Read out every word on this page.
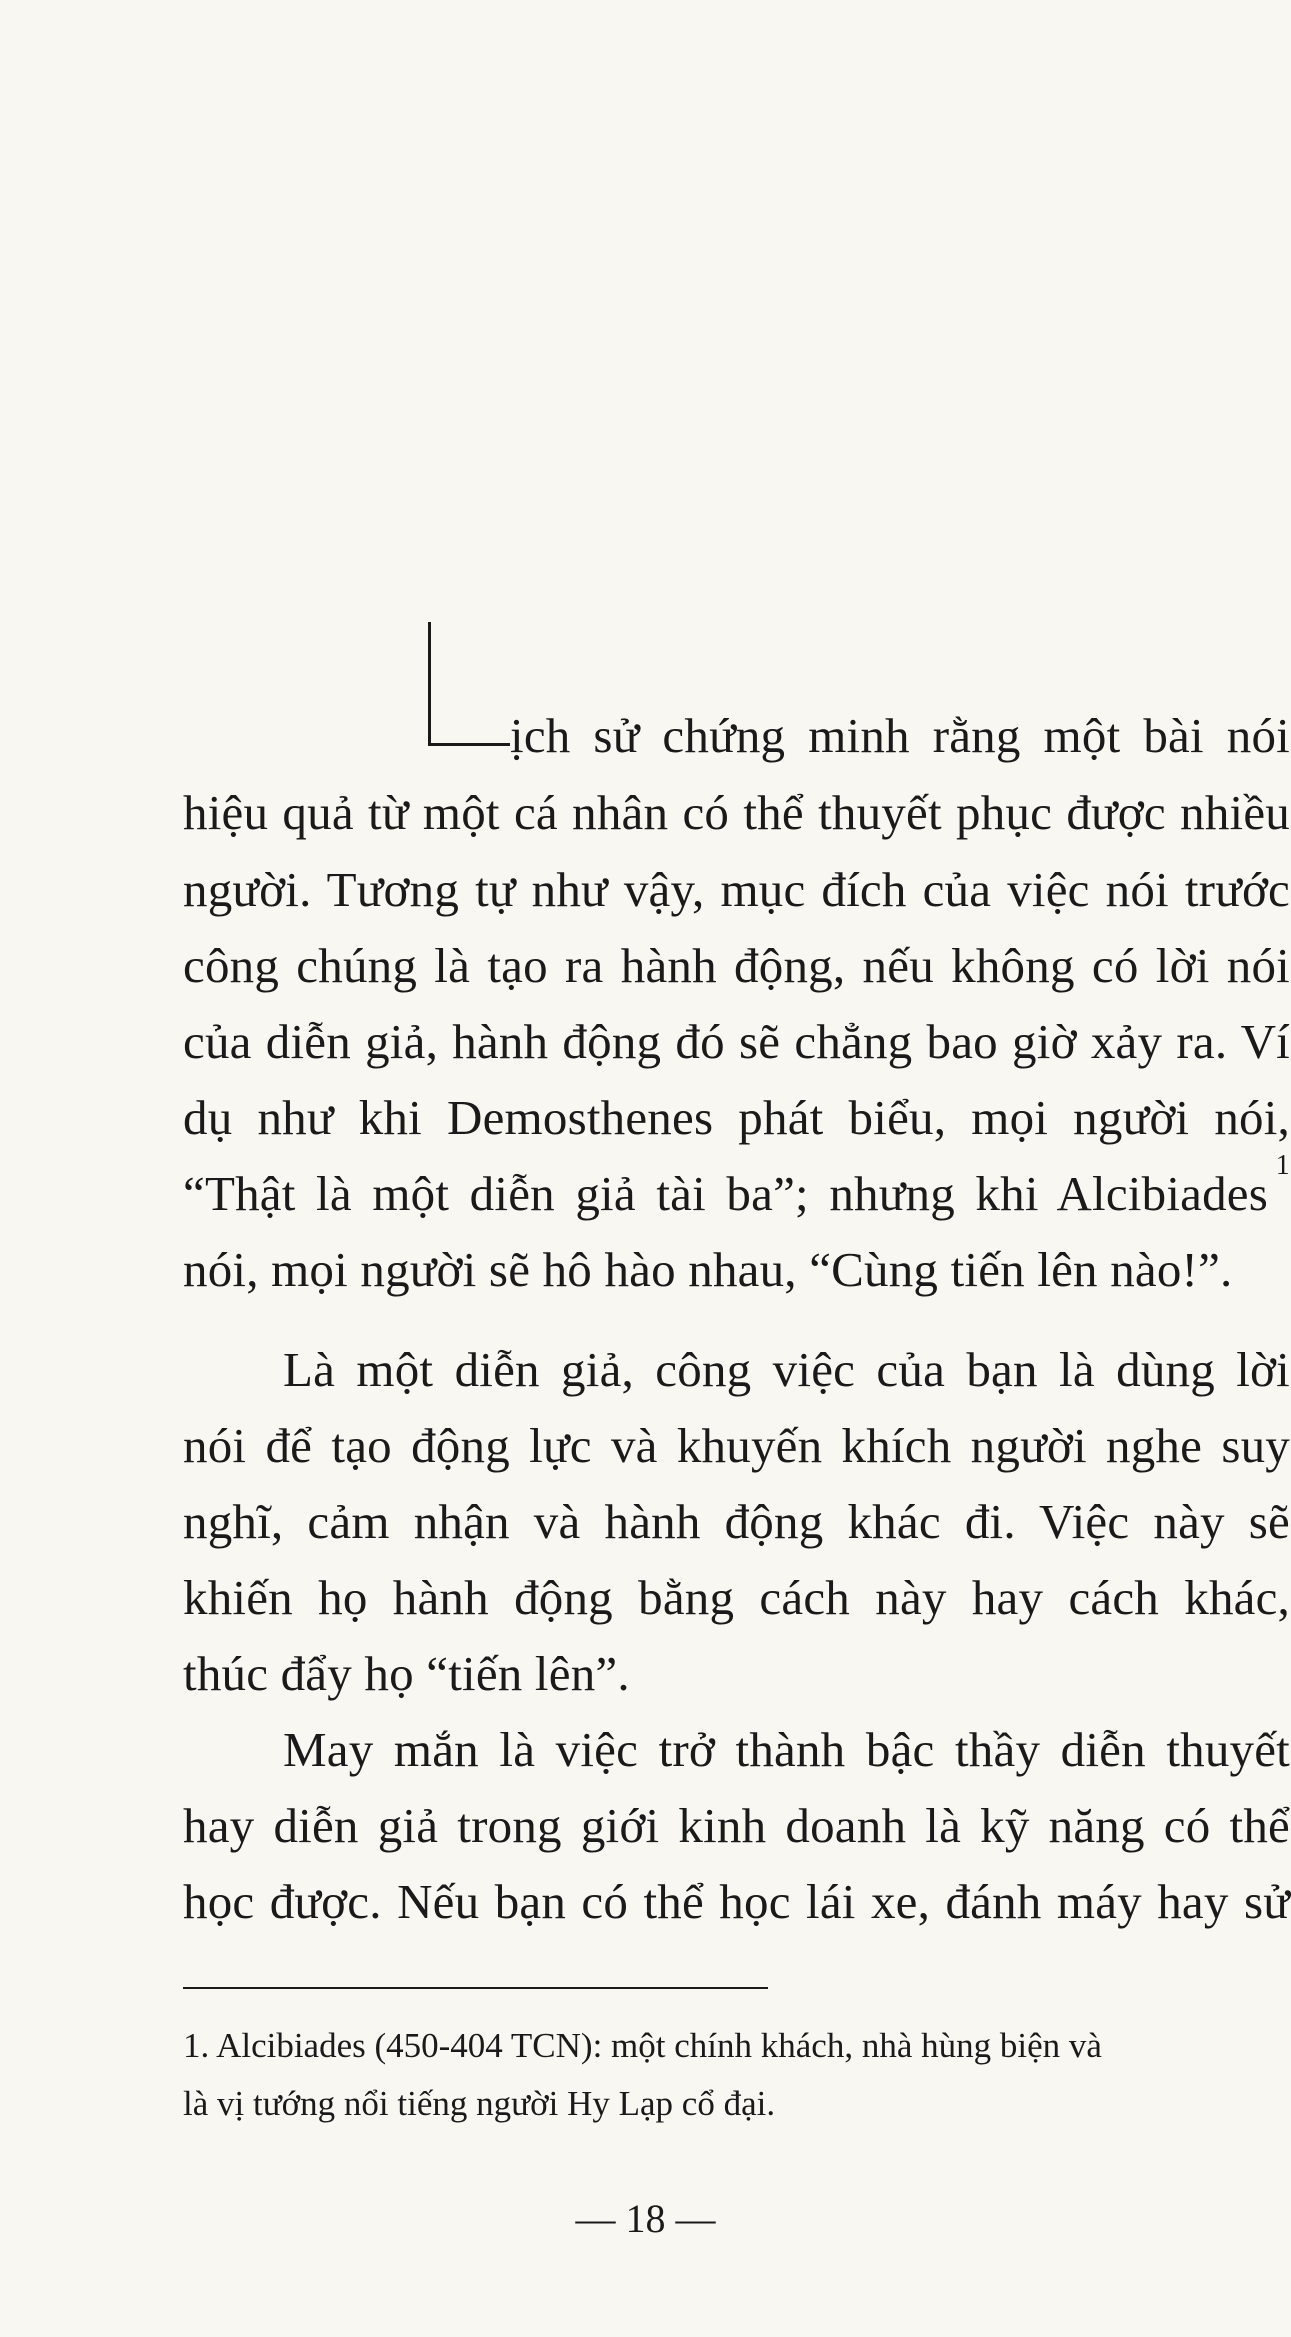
ịch sử chứng minh rằng một bài nói
hiệu quả từ một cá nhân có thể thuyết phục được nhiều
người. Tương tự như vậy, mục đích của việc nói trước
công chúng là tạo ra hành động, nếu không có lời nói
của diễn giả, hành động đó sẽ chẳng bao giờ xảy ra. Ví
dụ như khi Demosthenes phát biểu, mọi người nói,
“Thật là một diễn giả tài ba”; nhưng khi Alcibiades
1
nói, mọi người sẽ hô hào nhau, “Cùng tiến lên nào!”.
Là một diễn giả, công việc của bạn là dùng lời
nói để tạo động lực và khuyến khích người nghe suy
nghĩ, cảm nhận và hành động khác đi. Việc này sẽ
khiến họ hành động bằng cách này hay cách khác,
thúc đẩy họ “tiến lên”.
May mắn là việc trở thành bậc thầy diễn thuyết
hay diễn giả trong giới kinh doanh là kỹ năng có thể
học được. Nếu bạn có thể học lái xe, đánh máy hay sử
1. Alcibiades (450-404 TCN): một chính khách, nhà hùng biện và
là vị tướng nổi tiếng người Hy Lạp cổ đại.
— 18 —
